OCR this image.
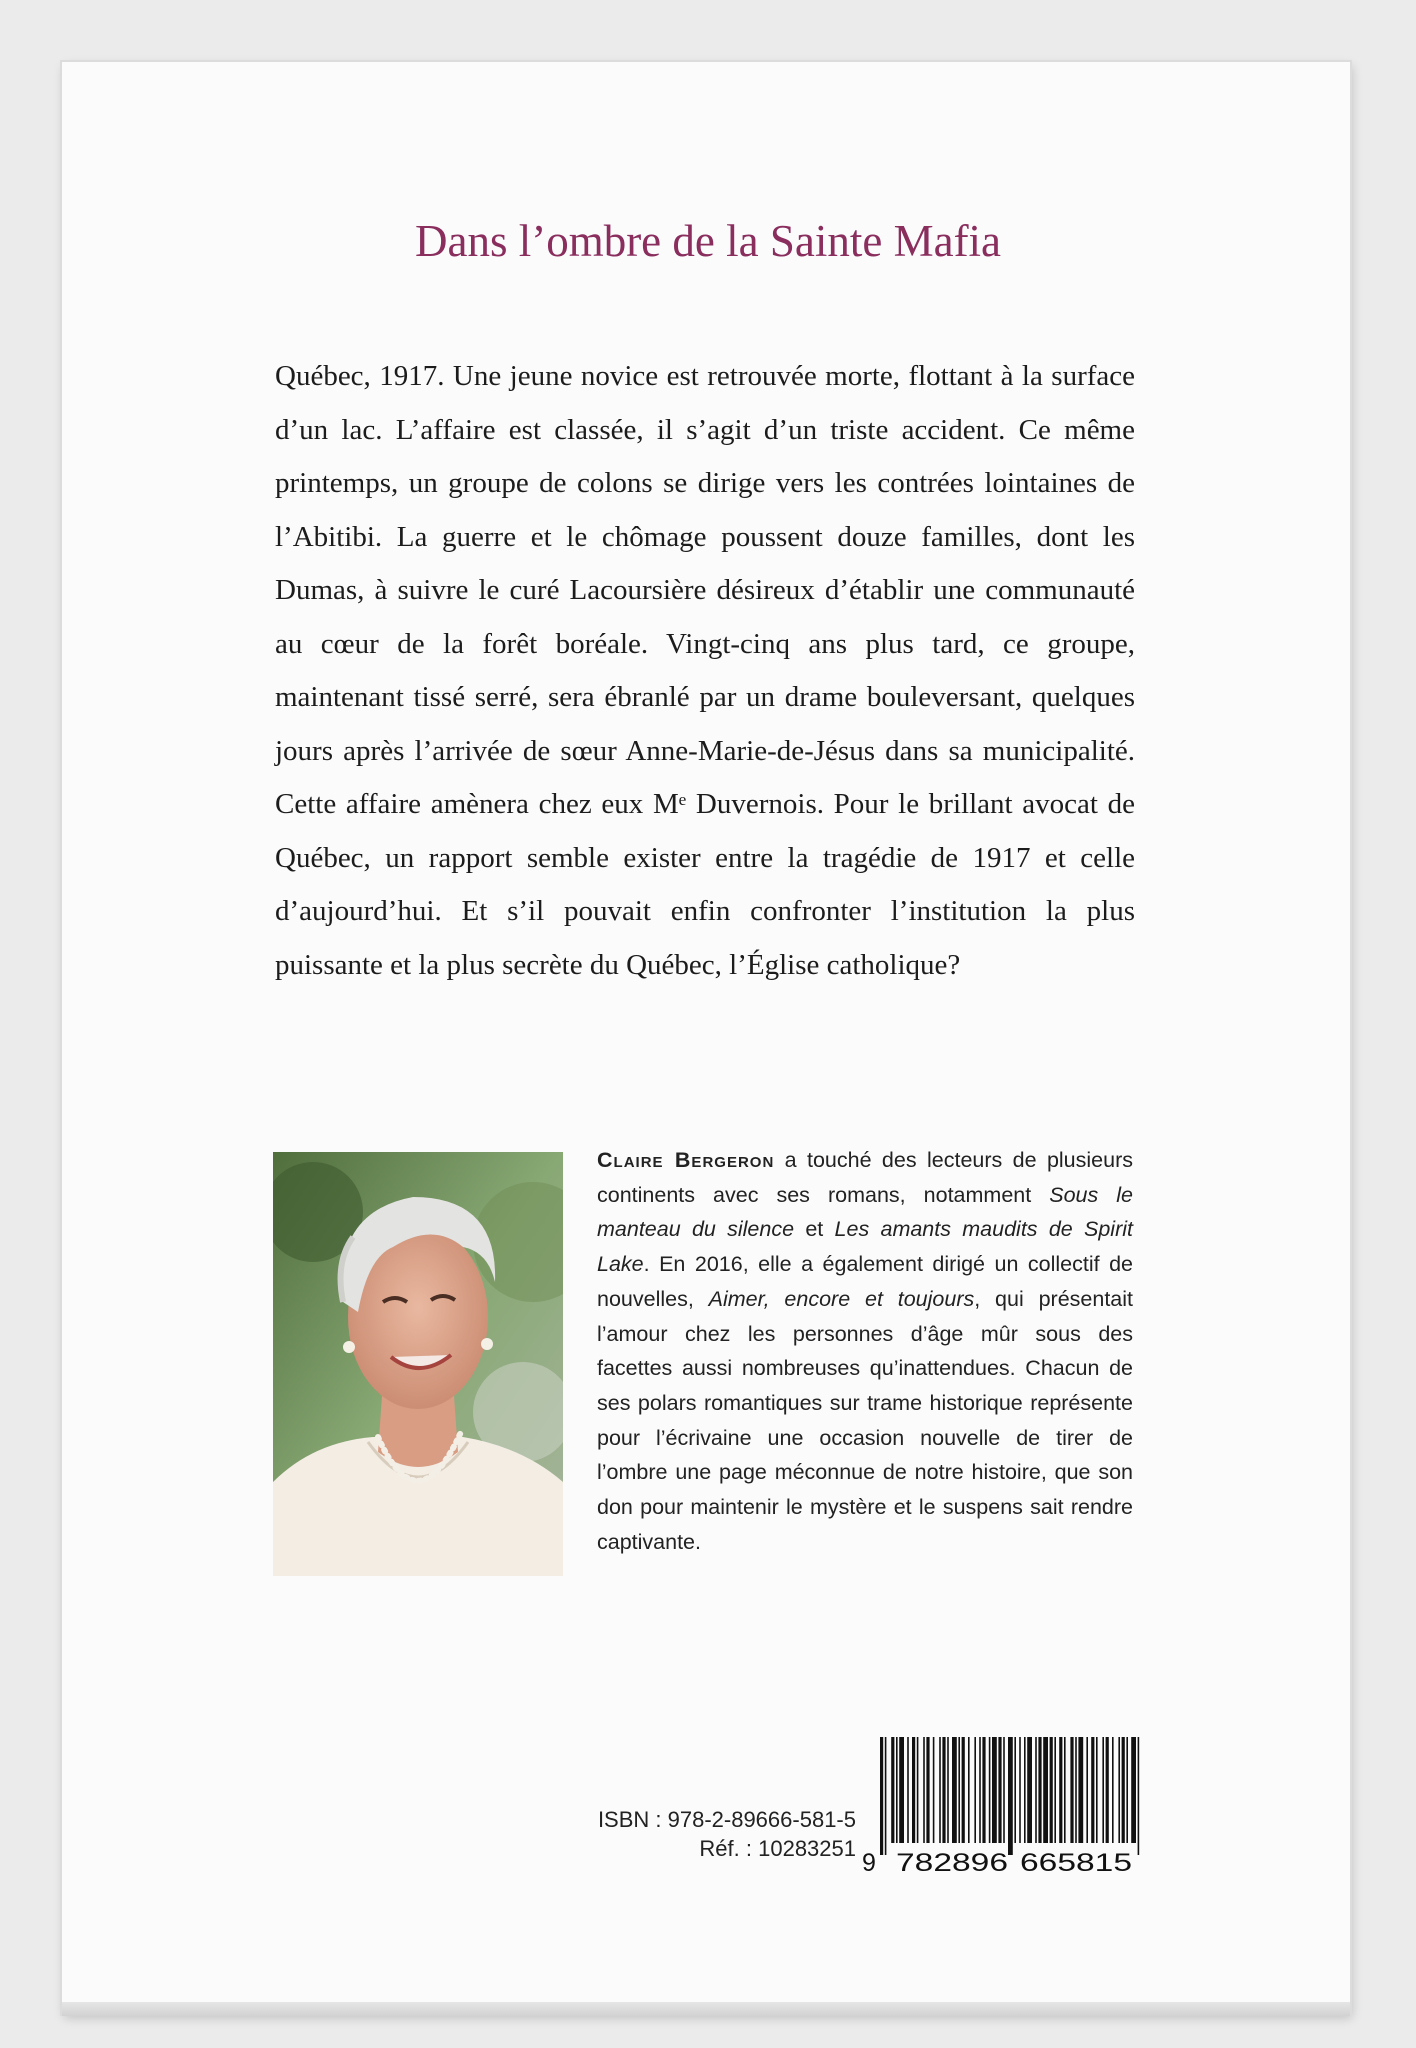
Dans l’ombre de la Sainte Mafia

Québec, 1917. Une jeune novice est retrouvée morte, flottant à la surface d’un lac. L’affaire est classée, il s’agit d’un triste accident. Ce même printemps, un groupe de colons se dirige vers les contrées lointaines de l’Abitibi. La guerre et le chômage poussent douze familles, dont les Dumas, à suivre le curé Lacoursière désireux d’établir une communauté au cœur de la forêt boréale. Vingt-cinq ans plus tard, ce groupe, maintenant tissé serré, sera ébranlé par un drame bouleversant, quelques jours après l’arrivée de sœur Anne-Marie-de-Jésus dans sa municipalité. Cette affaire amènera chez eux Mᵉ Duvernois. Pour le brillant avocat de Québec, un rapport semble exister entre la tragédie de 1917 et celle d’aujourd’hui. Et s’il pouvait enfin confronter l’institution la plus puissante et la plus secrète du Québec, l’Église catholique?

Claire Bergeron a touché des lecteurs de plusieurs continents avec ses romans, notamment Sous le manteau du silence et Les amants maudits de Spirit Lake. En 2016, elle a également dirigé un collectif de nouvelles, Aimer, encore et toujours, qui présentait l’amour chez les personnes d’âge mûr sous des facettes aussi nombreuses qu’inattendues. Chacun de ses polars romantiques sur trame historique représente pour l’écrivaine une occasion nouvelle de tirer de l’ombre une page méconnue de notre histoire, que son don pour maintenir le mystère et le suspens sait rendre captivante.

ISBN : 978-2-89666-581-5
Réf. : 10283251
9 782896 665815
